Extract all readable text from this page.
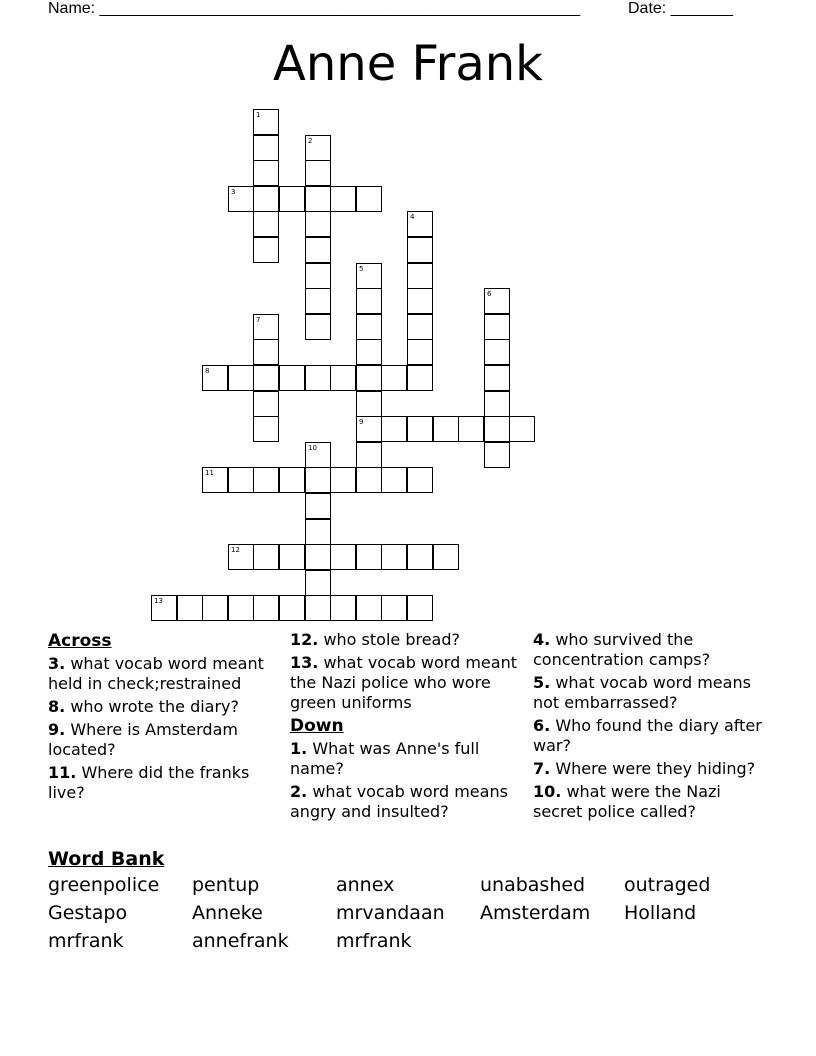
Name: ______________________________________________________	Date: _______
Anne Frank
1
2
3
4
5
9
6
7
8
10
11
12
13
Across
3. what vocab word meant held in check;restrained
8. who wrote the diary?
9. Where is Amsterdam located?
11. Where did the franks live?
12. who stole bread?
13. what vocab word meant the Nazi police who wore green uniforms
Down
1. What was Anne's full name?
2. what vocab word means angry and insulted?
4. who survived the concentration camps?
5. what vocab word means not embarrassed?
6. Who found the diary after war?
7. Where were they hiding?
10. what were the Nazi secret police called?
Word Bank
greenpolice	pentup	annex	unabashed	outraged
Gestapo	Anneke	mrvandaan	Amsterdam	Holland
mrfrank	annefrank	mrfrank
